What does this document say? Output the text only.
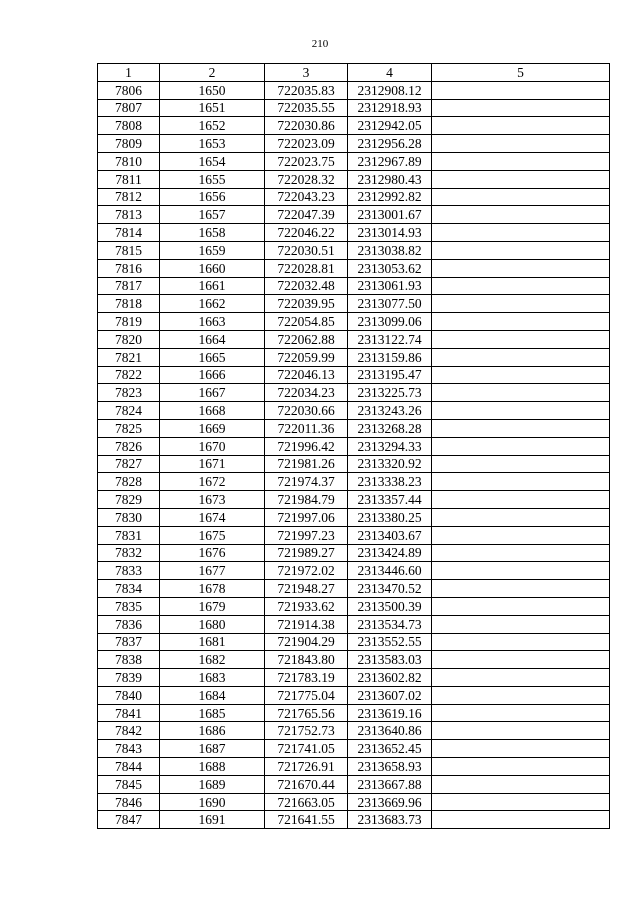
210
1	2	3	4	5
7806	1650	722035.83	2312908.12	
7807	1651	722035.55	2312918.93	
7808	1652	722030.86	2312942.05	
7809	1653	722023.09	2312956.28	
7810	1654	722023.75	2312967.89	
7811	1655	722028.32	2312980.43	
7812	1656	722043.23	2312992.82	
7813	1657	722047.39	2313001.67	
7814	1658	722046.22	2313014.93	
7815	1659	722030.51	2313038.82	
7816	1660	722028.81	2313053.62	
7817	1661	722032.48	2313061.93	
7818	1662	722039.95	2313077.50	
7819	1663	722054.85	2313099.06	
7820	1664	722062.88	2313122.74	
7821	1665	722059.99	2313159.86	
7822	1666	722046.13	2313195.47	
7823	1667	722034.23	2313225.73	
7824	1668	722030.66	2313243.26	
7825	1669	722011.36	2313268.28	
7826	1670	721996.42	2313294.33	
7827	1671	721981.26	2313320.92	
7828	1672	721974.37	2313338.23	
7829	1673	721984.79	2313357.44	
7830	1674	721997.06	2313380.25	
7831	1675	721997.23	2313403.67	
7832	1676	721989.27	2313424.89	
7833	1677	721972.02	2313446.60	
7834	1678	721948.27	2313470.52	
7835	1679	721933.62	2313500.39	
7836	1680	721914.38	2313534.73	
7837	1681	721904.29	2313552.55	
7838	1682	721843.80	2313583.03	
7839	1683	721783.19	2313602.82	
7840	1684	721775.04	2313607.02	
7841	1685	721765.56	2313619.16	
7842	1686	721752.73	2313640.86	
7843	1687	721741.05	2313652.45	
7844	1688	721726.91	2313658.93	
7845	1689	721670.44	2313667.88	
7846	1690	721663.05	2313669.96	
7847	1691	721641.55	2313683.73	
